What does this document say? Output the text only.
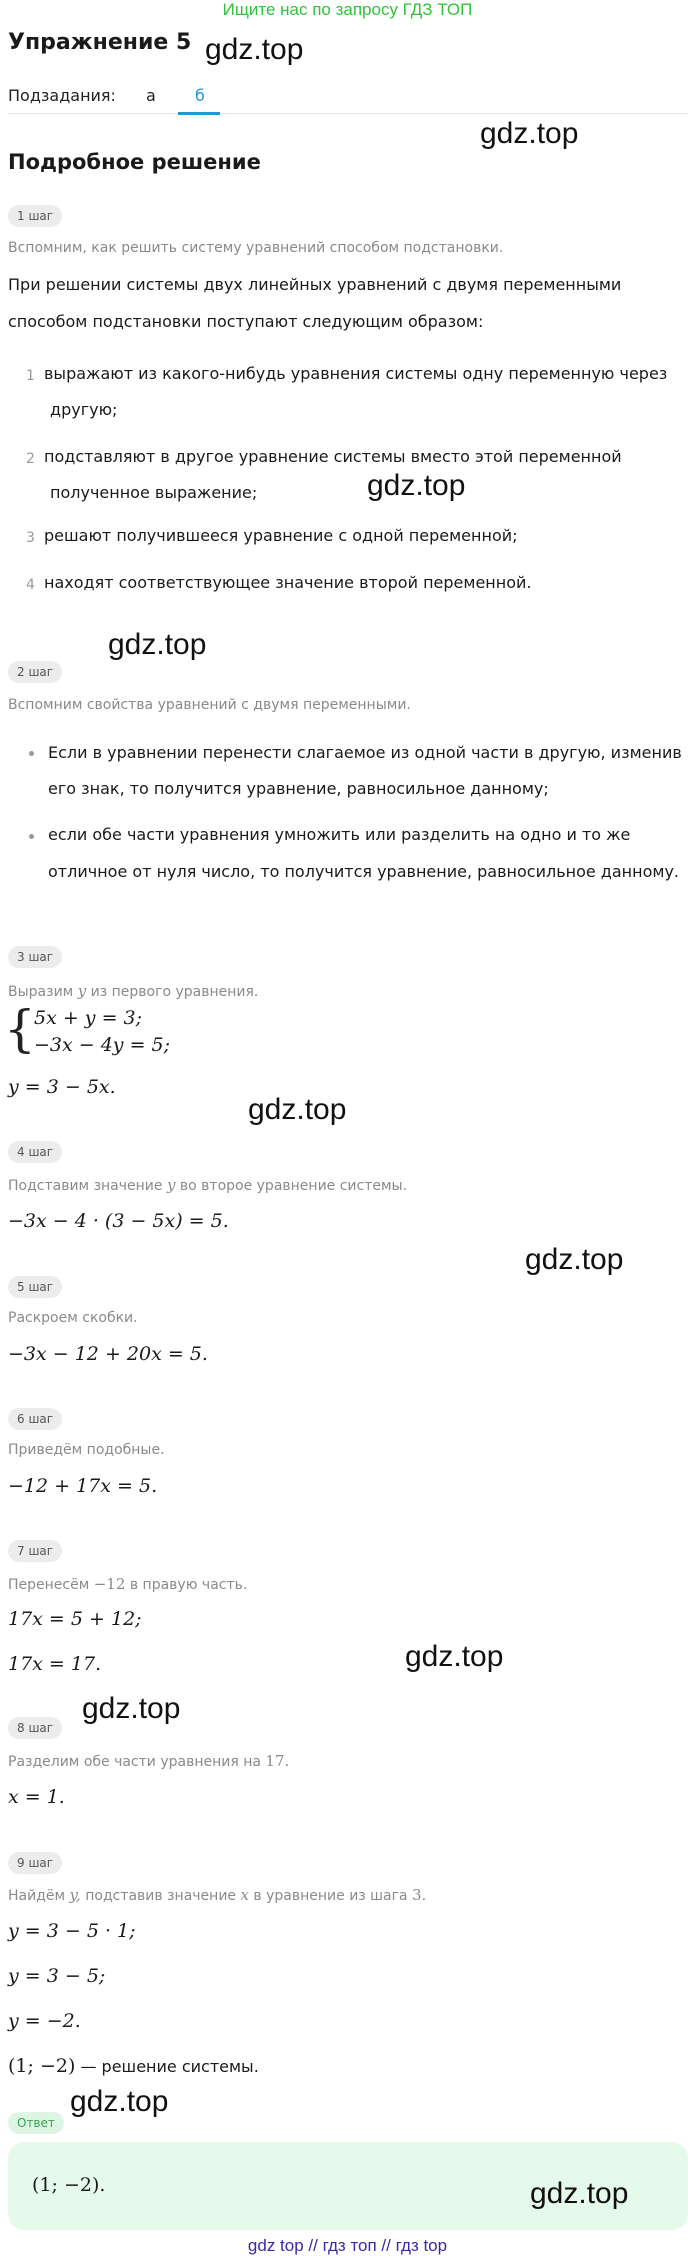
Ищите нас по запросу ГДЗ ТОП
Упражнение 5 gdz.top
Подзадания: а б
gdz.top
Подробное решение
1 шаг
Вспомним, как решить систему уравнений способом подстановки.
При решении системы двух линейных уравнений с двумя переменными
способом подстановки поступают следующим образом:
1 выражают из какого-нибудь уравнения системы одну переменную через
другую;
2 подставляют в другое уравнение системы вместо этой переменной
полученное выражение;	gdz.top
3 решают получившееся уравнение с одной переменной;
4 находят соответствующее значение второй переменной.
gdz.top
2 шаг
Вспомним свойства уравнений с двумя переменными.
Если в уравнении перенести слагаемое из одной части в другую, изменив
его знак, то получится уравнение, равносильное данному;
если обе части уравнения умножить или разделить на одно и то же
отличное от нуля число, то получится уравнение, равносильное данному.
3 шаг
Выразим y из первого уравнения.
{
5x + y = 3;
−3x − 4y = 5;
y = 3 − 5x.
gdz.top
4 шаг
Подставим значение y во второе уравнение системы.
−3x − 4 · (3 − 5x) = 5.
gdz.top
5 шаг
Раскроем скобки.
−3x − 12 + 20x = 5.
6 шаг
Приведём подобные.
−12 + 17x = 5.
7 шаг
Перенесём −12 в правую часть.
17x = 5 + 12;
17x = 17.	gdz.top
gdz.top
8 шаг
Разделим обе части уравнения на 17.
x = 1.
9 шаг
Найдём y, подставив значение x в уравнение из шага 3.
y = 3 − 5 · 1;
y = 3 − 5;
y = −2.
(1; −2) — решение системы.
gdz.top
Ответ
(1; −2).	gdz.top
gdz top // гдз топ // гдз top
